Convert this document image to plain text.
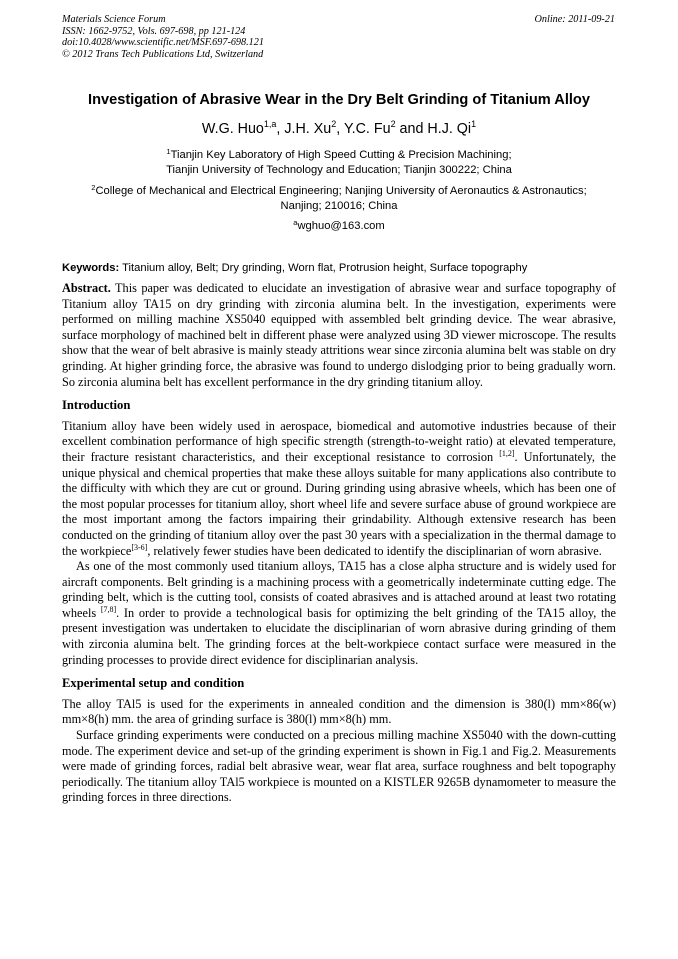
Materials Science Forum
ISSN: 1662-9752, Vols. 697-698, pp 121-124
doi:10.4028/www.scientific.net/MSF.697-698.121
© 2012 Trans Tech Publications Ltd, Switzerland
Online: 2011-09-21
Investigation of Abrasive Wear in the Dry Belt Grinding of Titanium Alloy
W.G. Huo$^{1,a}$, J.H. Xu$^2$, Y.C. Fu$^2$ and H.J. Qi$^1$
$^1$Tianjin Key Laboratory of High Speed Cutting & Precision Machining;
Tianjin University of Technology and Education; Tianjin 300222; China
$^2$College of Mechanical and Electrical Engineering; Nanjing University of Aeronautics & Astronautics;
Nanjing; 210016; China
$^a$wghuo@163.com
Keywords: Titanium alloy, Belt; Dry grinding, Worn flat, Protrusion height, Surface topography

Abstract. This paper was dedicated to elucidate an investigation of abrasive wear and surface topography of Titanium alloy TA15 on dry grinding with zirconia alumina belt. In the investigation, experiments were performed on milling machine XS5040 equipped with assembled belt grinding device. The wear abrasive, surface morphology of machined belt in different phase were analyzed using 3D viewer microscope. The results show that the wear of belt abrasive is mainly steady attritions wear since zirconia alumina belt was stable on dry grinding. At higher grinding force, the abrasive was found to undergo dislodging prior to being gradually worn. So zirconia alumina belt has excellent performance in the dry grinding titanium alloy.

Introduction

Titanium alloy have been widely used in aerospace, biomedical and automotive industries because of their excellent combination performance of high specific strength (strength-to-weight ratio) at elevated temperature, their fracture resistant characteristics, and their exceptional resistance to corrosion [1,2]. Unfortunately, the unique physical and chemical properties that make these alloys suitable for many applications also contribute to the difficulty with which they are cut or ground. During grinding using abrasive wheels, which has been one of the most popular processes for titanium alloy, short wheel life and severe surface abuse of ground workpiece are the most important among the factors impairing their grindability. Although extensive research has been conducted on the grinding of titanium alloy over the past 30 years with a specialization in the thermal damage to the workpiece[3-6], relatively fewer studies have been dedicated to identify the disciplinarian of worn abrasive.

As one of the most commonly used titanium alloys, TA15 has a close alpha structure and is widely used for aircraft components. Belt grinding is a machining process with a geometrically indeterminate cutting edge. The grinding belt, which is the cutting tool, consists of coated abrasives and is attached around at least two rotating wheels [7,8]. In order to provide a technological basis for optimizing the belt grinding of the TA15 alloy, the present investigation was undertaken to elucidate the disciplinarian of worn abrasive during grinding of them with zirconia alumina belt. The grinding forces at the belt-workpiece contact surface were measured in the grinding processes to provide direct evidence for disciplinarian analysis.

Experimental setup and condition

The alloy TAl5 is used for the experiments in annealed condition and the dimension is 380(l) mm×86(w) mm×8(h) mm. the area of grinding surface is 380(l) mm×8(h) mm.

Surface grinding experiments were conducted on a precious milling machine XS5040 with the down-cutting mode. The experiment device and set-up of the grinding experiment is shown in Fig.1 and Fig.2. Measurements were made of grinding forces, radial belt abrasive wear, wear flat area, surface roughness and belt topography periodically. The titanium alloy TAl5 workpiece is mounted on a KISTLER 9265B dynamometer to measure the grinding forces in three directions.
